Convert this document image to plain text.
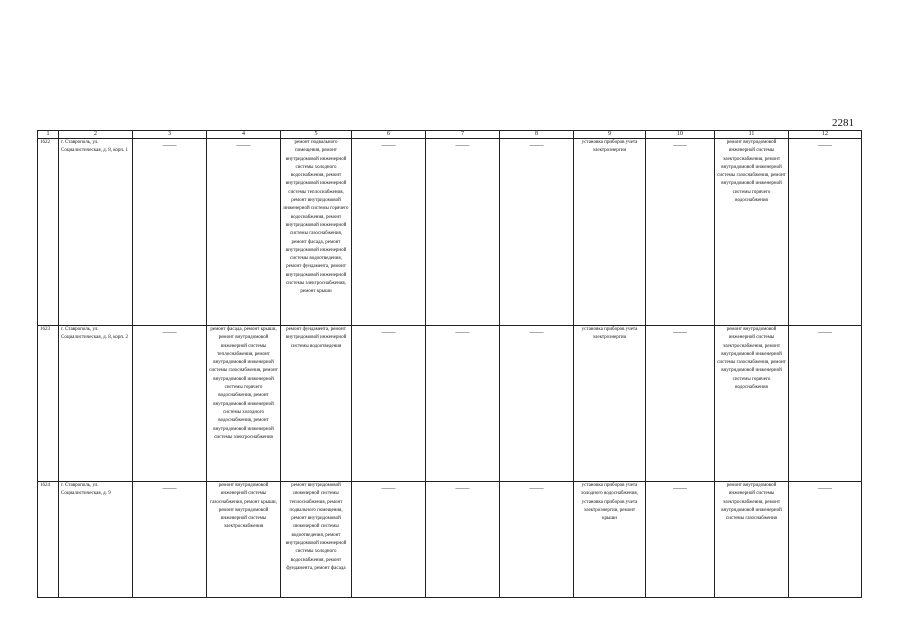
2281
1	2	3	4	5	6	7	8	9	10	11	12
1622	г. Ставрополь, ул. Социалистическая, д. 8, корп. 1	——	——	ремонт подвального помещения, ремонт внутридомовой инженерной системы холодного водоснабжения, ремонт внутридомовой инженерной системы теплоснабжения, ремонт внутридомовой инженерной системы горячего водоснабжения, ремонт внутридомовой инженерной системы газоснабжения, ремонт фасада, ремонт внутридомовой инженерной системы водоотведения, ремонт фундамента, ремонт внутридомовой инженерной системы электроснабжения, ремонт крыши	——	——	——	установка приборов учета электроэнергии	——	ремонт внутридомовой инженерной системы электроснабжения, ремонт внутридомовой инженерной системы газоснабжения, ремонт внутридомовой инженерной системы горячего водоснабжения	——
1623	г. Ставрополь, ул. Социалистическая, д. 8, корп. 2	——	ремонт фасада, ремонт крыши, ремонт внутридомовой инженерной системы теплоснабжения, ремонт внутридомовой инженерной системы газоснабжения, ремонт внутридомовой инженерной системы горячего водоснабжения, ремонт внутридомовой инженерной системы холодного водоснабжения, ремонт внутридомовой инженерной системы электроснабжения	ремонт фундамента, ремонт внутридомовой инженерной системы водоотведения	——	——	——	установка приборов учета электроэнергии	——	ремонт внутридомовой инженерной системы электроснабжения, ремонт внутридомовой инженерной системы газоснабжения, ремонт внутридомовой инженерной системы горячего водоснабжения	——
1624	г. Ставрополь, ул. Социалистическая, д. 9	——	ремонт внутридомовой инженерной системы газоснабжения, ремонт крыши, ремонт внутридомовой инженерной системы электроснабжения	ремонт внутридомовой инженерной системы теплоснабжения, ремонт подвального помещения, ремонт внутридомовой инженерной системы водоотведения, ремонт внутридомовой инженерной системы холодного водоснабжения, ремонт фундамента, ремонт фасада	——	——	——	установка приборов учета холодного водоснабжения, установка приборов учета электроэнергии, ремонт крыши	——	ремонт внутридомовой инженерной системы электроснабжения, ремонт внутридомовой инженерной системы газоснабжения	——
